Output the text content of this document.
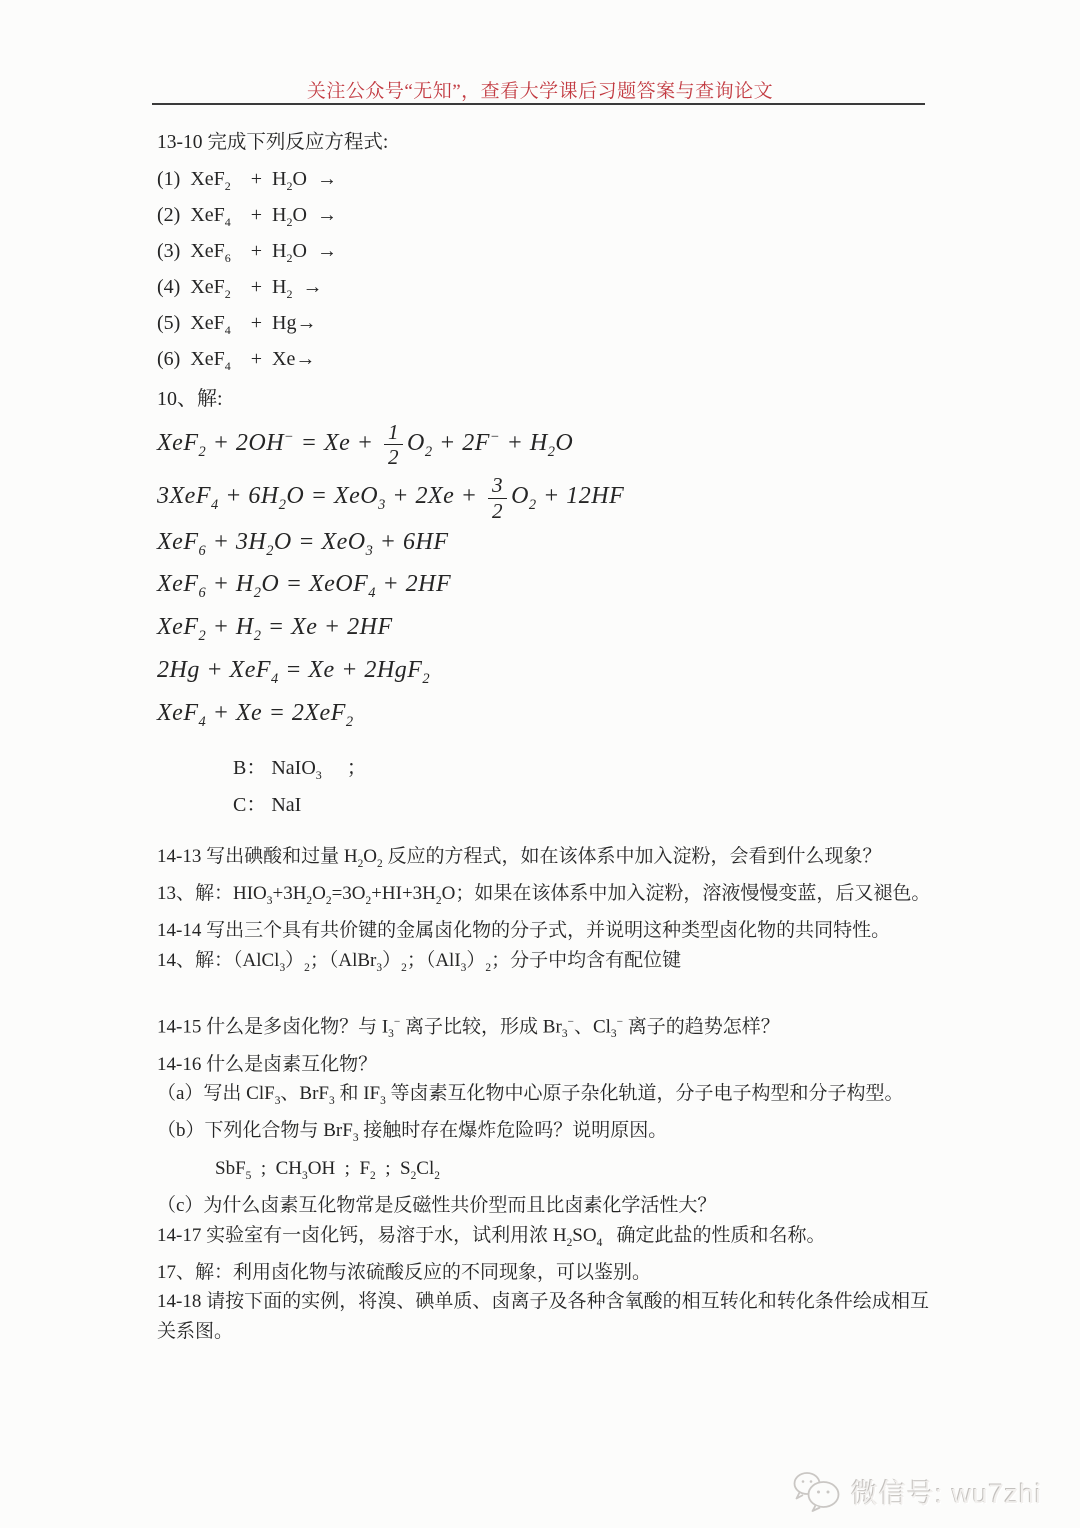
关注公众号“无知”，查看大学课后习题答案与查询论文
13-10 完成下列反应方程式:
(1)  XeF$_2$    +  $H_2O$  →
(2)  XeF$_4$    +  $H_2O$  →
(3)  XeF$_6$    +  $H_2O$  →
(4)  XeF$_2$    +  $H_2$  →
(5)  XeF$_4$    +  Hg→
(6)  XeF$_4$    +  Xe→
10、解:
$XeF_2 + 2OH^- = Xe + \frac{1}{2} O_2 + 2F^- + H_2O$
$3XeF_4 + 6H_2O = XeO_3 + 2Xe + \frac{3}{2} O_2 + 12HF$
$XeF_6 + 3H_2O = XeO_3 + 6HF$
$XeF_6 + H_2O$ = XeOF$_4$ + 2HF
$XeF_2 + H_2 = Xe + 2HF$
2Hg + XeF$_4$ = Xe + 2HgF$_2$
XeF$_4$ + Xe = 2XeF$_2$
B： NaIO$_3$     ；
C： NaI
14-13 写出碘酸和过量 $H_2O_2$ 反应的方程式，如在该体系中加入淀粉，会看到什么现象？
13、解：$HIO_3+3H_2O_2=3O_2+HI+3H_2O$；如果在该体系中加入淀粉，溶液慢慢变蓝，后又褪色。
14-14 写出三个具有共价键的金属卤化物的分子式，并说明这种类型卤化物的共同特性。
14、解：$(AlCl_3)_2$；$(AlBr_3)_2$；$(AlI_3)_2$；分子中均含有配位键
14-15 什么是多卤化物？与 $I_3^-$ 离子比较，形成 $Br_3^-$、$Cl_3^-$ 离子的趋势怎样？
14-16 什么是卤素互化物？
（a）写出 ClF$_3$、BrF$_3$ 和 $IF_3$ 等卤素互化物中心原子杂化轨道，分子电子构型和分子构型。
（b）下列化合物与 BrF$_3$ 接触时存在爆炸危险吗？说明原因。
SbF$_5$  ;  $CH_3OH$  ;  $F_2$  ;  $S_2Cl_2$
（c）为什么卤素互化物常是反磁性共价型而且比卤素化学活性大？
14-17 实验室有一卤化钙，易溶于水，试利用浓 $H_2SO_4$   确定此盐的性质和名称。
17、解：利用卤化物与浓硫酸反应的不同现象，可以鉴别。
14-18 请按下面的实例，将溴、碘单质、卤离子及各种含氧酸的相互转化和转化条件绘成相互关系图。
微信号: wu7zhi
